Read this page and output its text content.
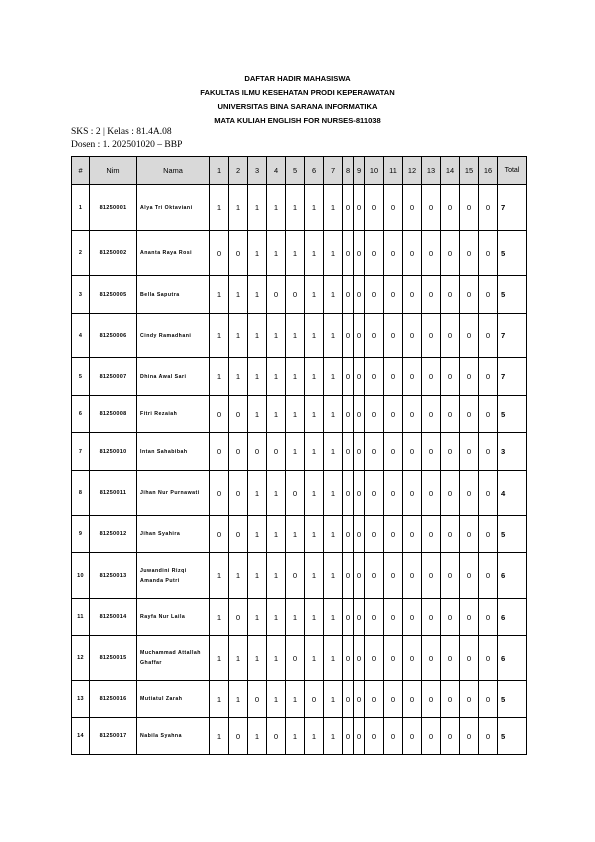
DAFTAR HADIR MAHASISWA
FAKULTAS ILMU KESEHATAN PRODI KEPERAWATAN
UNIVERSITAS BINA SARANA INFORMATIKA
MATA KULIAH ENGLISH FOR NURSES-811038
SKS : 2 | Kelas : 81.4A.08
Dosen : 1. 202501020 – BBP
#	Nim	Nama	1	2	3	4	5	6	7	8	9	10	11	12	13	14	15	16	Total
1	81250001	Alya Tri Oktaviani	1	1	1	1	1	1	1	0	0	0	0	0	0	0	0	0	7
2	81250002	Ananta Raya Rosi	0	0	1	1	1	1	1	0	0	0	0	0	0	0	0	0	5
3	81250005	Bella Saputra	1	1	1	0	0	1	1	0	0	0	0	0	0	0	0	0	5
4	81250006	Cindy Ramadhani	1	1	1	1	1	1	1	0	0	0	0	0	0	0	0	0	7
5	81250007	Dhina Awal Sari	1	1	1	1	1	1	1	0	0	0	0	0	0	0	0	0	7
6	81250008	Fitri Rezaiah	0	0	1	1	1	1	1	0	0	0	0	0	0	0	0	0	5
7	81250010	Intan Sahabibah	0	0	0	0	1	1	1	0	0	0	0	0	0	0	0	0	3
8	81250011	Jihan Nur Purnawati	0	0	1	1	0	1	1	0	0	0	0	0	0	0	0	0	4
9	81250012	Jihan Syahira	0	0	1	1	1	1	1	0	0	0	0	0	0	0	0	0	5
10	81250013	Juwandini Rizqi Amanda Putri	1	1	1	1	0	1	1	0	0	0	0	0	0	0	0	0	6
11	81250014	Rayfa Nur Laila	1	0	1	1	1	1	1	0	0	0	0	0	0	0	0	0	6
12	81250015	Muchammad Attallah Ghaffar	1	1	1	1	0	1	1	0	0	0	0	0	0	0	0	0	6
13	81250016	Mutiatul Zarah	1	1	0	1	1	0	1	0	0	0	0	0	0	0	0	0	5
14	81250017	Nabila Syahna	1	0	1	0	1	1	1	0	0	0	0	0	0	0	0	0	5
